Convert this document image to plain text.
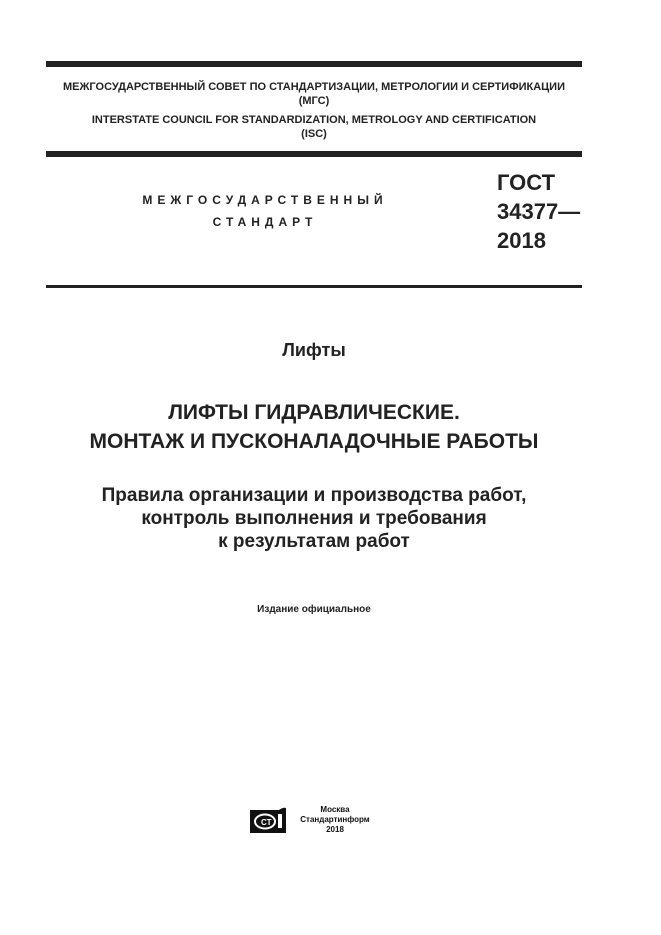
МЕЖГОСУДАРСТВЕННЫЙ СОВЕТ ПО СТАНДАРТИЗАЦИИ, МЕТРОЛОГИИ И СЕРТИФИКАЦИИ
(МГС)
INTERSTATE COUNCIL FOR STANDARDIZATION, METROLOGY AND CERTIFICATION
(ISC)
МЕЖГОСУДАРСТВЕННЫЙ
СТАНДАРТ
ГОСТ
34377—
2018
Лифты
ЛИФТЫ ГИДРАВЛИЧЕСКИЕ.
МОНТАЖ И ПУСКОНАЛАДОЧНЫЕ РАБОТЫ
Правила организации и производства работ,
контроль выполнения и требования
к результатам работ
Издание официальное
СТ
Москва
Стандартинформ
2018
